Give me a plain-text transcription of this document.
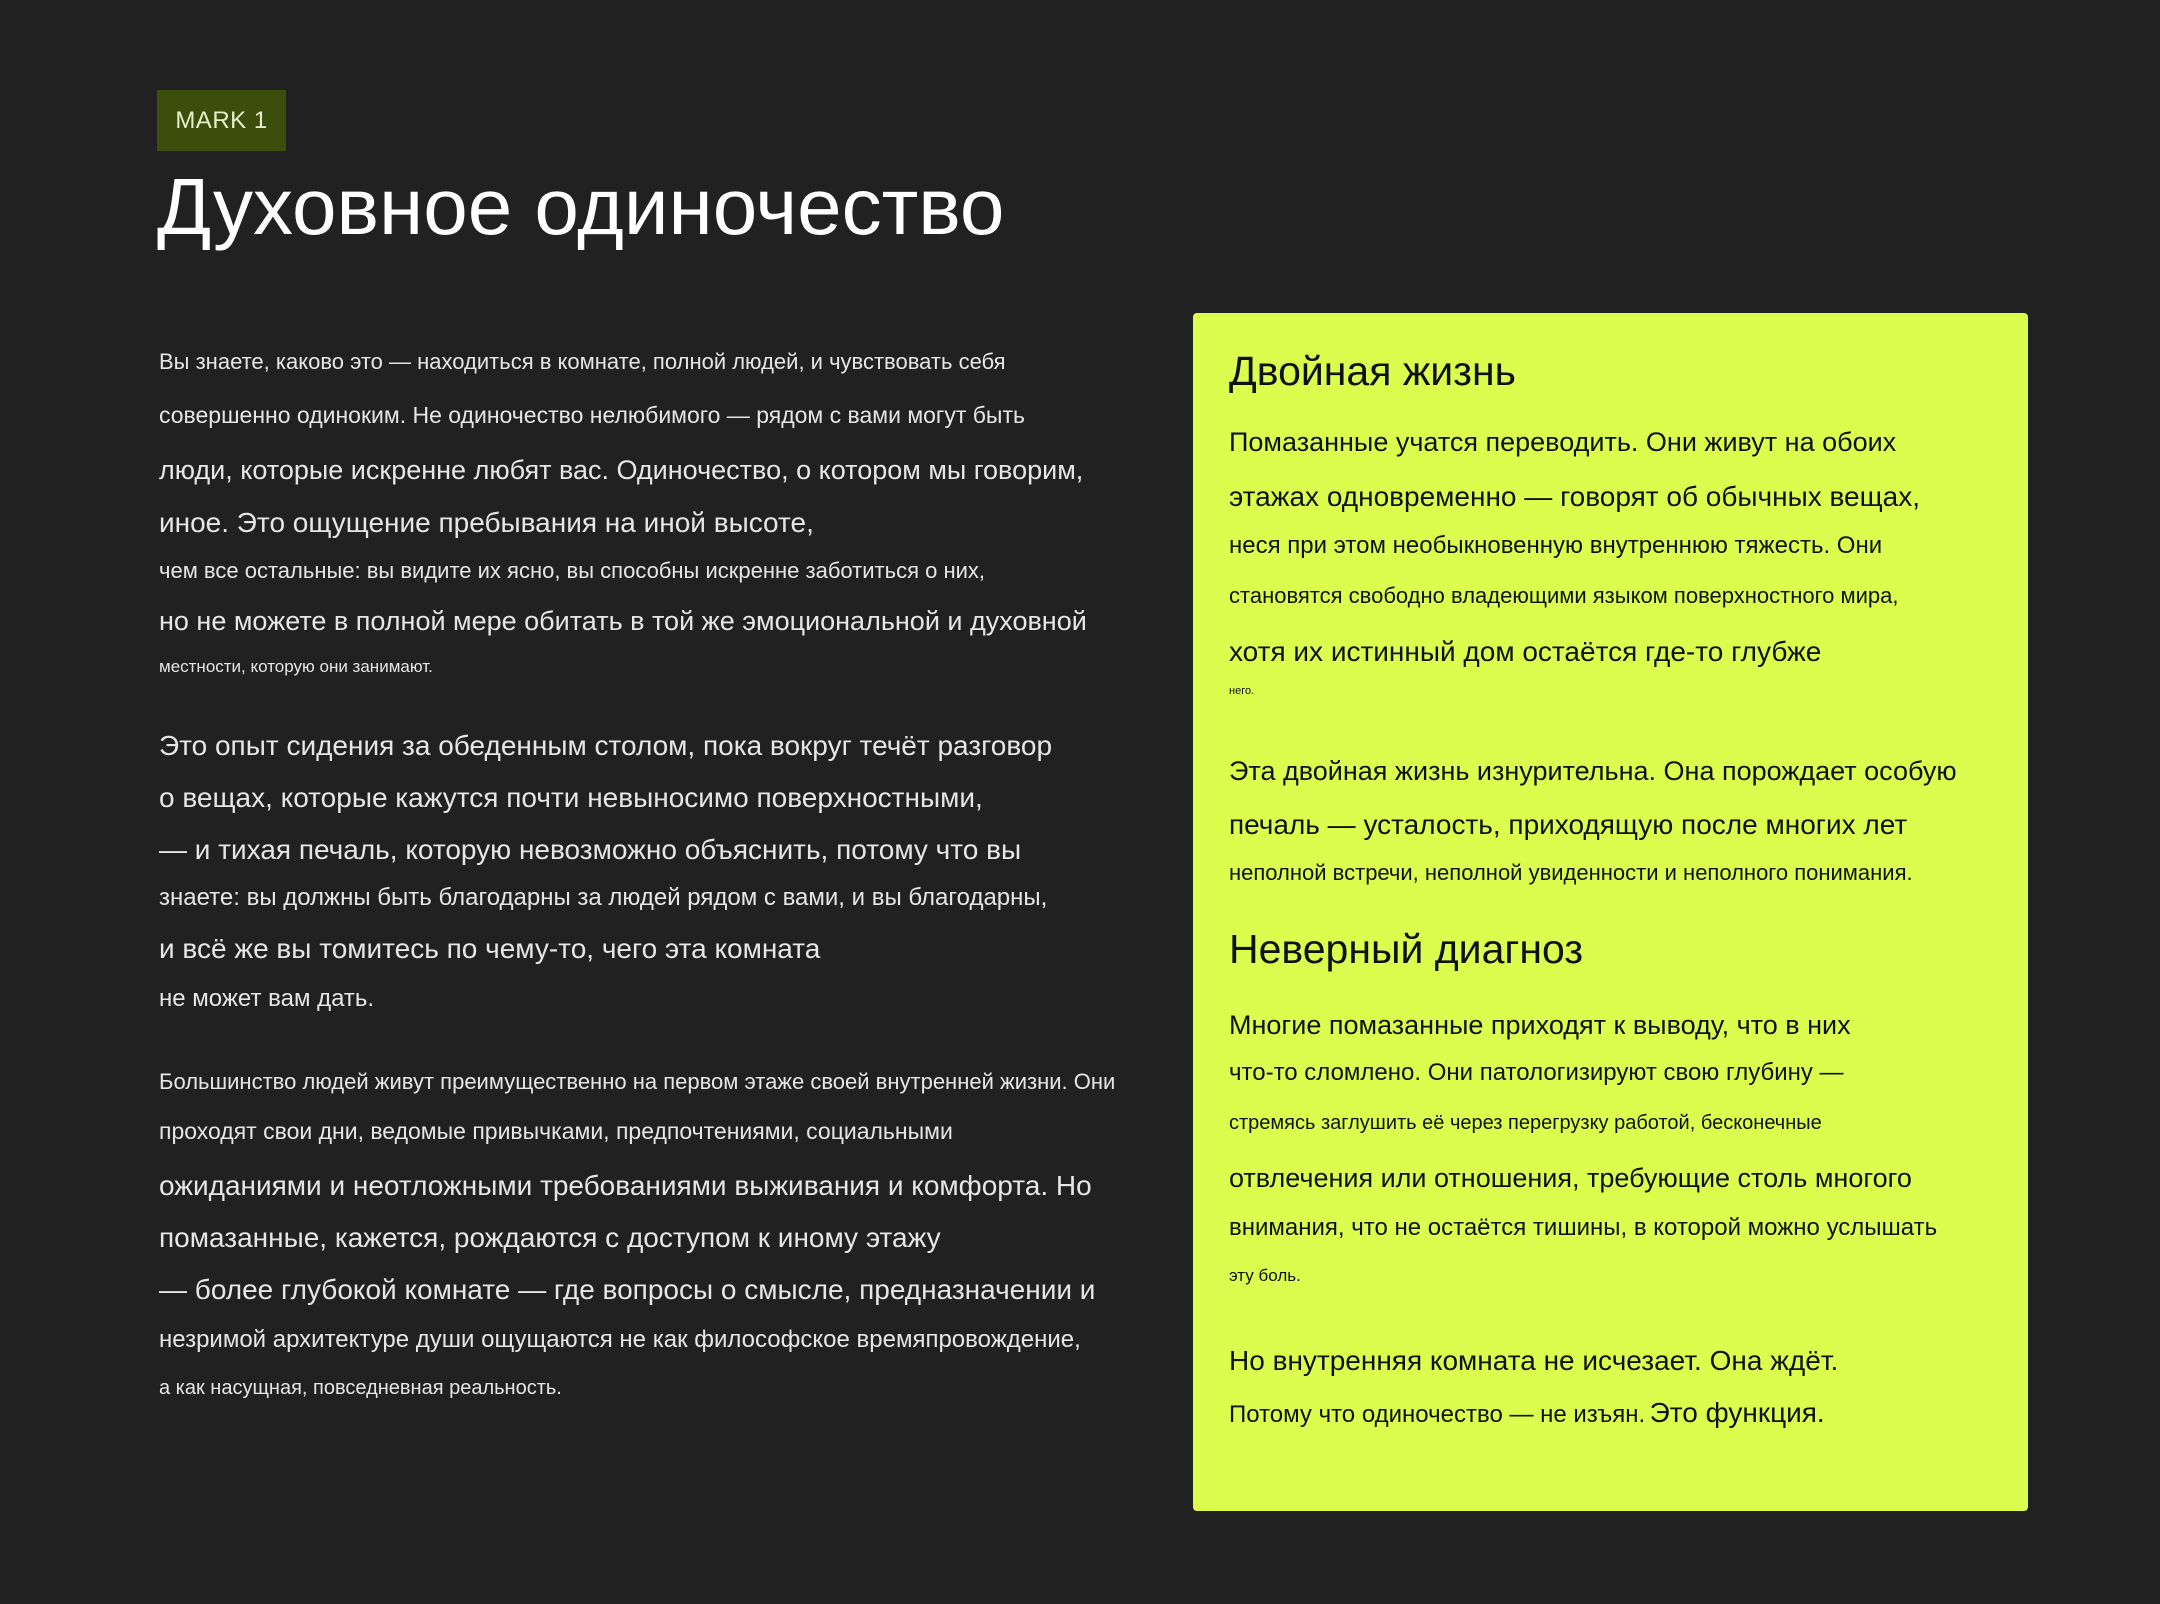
MARK 1
Духовное одиночество
Вы знаете, каково это — находиться в комнате, полной людей, и чувствовать себя
совершенно одиноким. Не одиночество нелюбимого — рядом с вами могут быть
люди, которые искренне любят вас. Одиночество, о котором мы говорим,
иное. Это ощущение пребывания на иной высоте,
чем все остальные: вы видите их ясно, вы способны искренне заботиться о них,
но не можете в полной мере обитать в той же эмоциональной и духовной
местности, которую они занимают.
Это опыт сидения за обеденным столом, пока вокруг течёт разговор
о вещах, которые кажутся почти невыносимо поверхностными,
— и тихая печаль, которую невозможно объяснить, потому что вы
знаете: вы должны быть благодарны за людей рядом с вами, и вы благодарны,
и всё же вы томитесь по чему-то, чего эта комната
не может вам дать.
Большинство людей живут преимущественно на первом этаже своей внутренней жизни. Они
проходят свои дни, ведомые привычками, предпочтениями, социальными
ожиданиями и неотложными требованиями выживания и комфорта. Но
помазанные, кажется, рождаются с доступом к иному этажу
— более глубокой комнате — где вопросы о смысле, предназначении и
незримой архитектуре души ощущаются не как философское времяпровождение,
а как насущная, повседневная реальность.
Двойная жизнь
Помазанные учатся переводить. Они живут на обоих
этажах одновременно — говорят об обычных вещах,
неся при этом необыкновенную внутреннюю тяжесть. Они
становятся свободно владеющими языком поверхностного мира,
хотя их истинный дом остаётся где-то глубже
него.
Эта двойная жизнь изнурительна. Она порождает особую
печаль — усталость, приходящую после многих лет
неполной встречи, неполной увиденности и неполного понимания.
Неверный диагноз
Многие помазанные приходят к выводу, что в них
что-то сломлено. Они патологизируют свою глубину —
стремясь заглушить её через перегрузку работой, бесконечные
отвлечения или отношения, требующие столь многого
внимания, что не остаётся тишины, в которой можно услышать
эту боль.
Но внутренняя комната не исчезает. Она ждёт.
Потому что одиночество — не изъян. Это функция.
